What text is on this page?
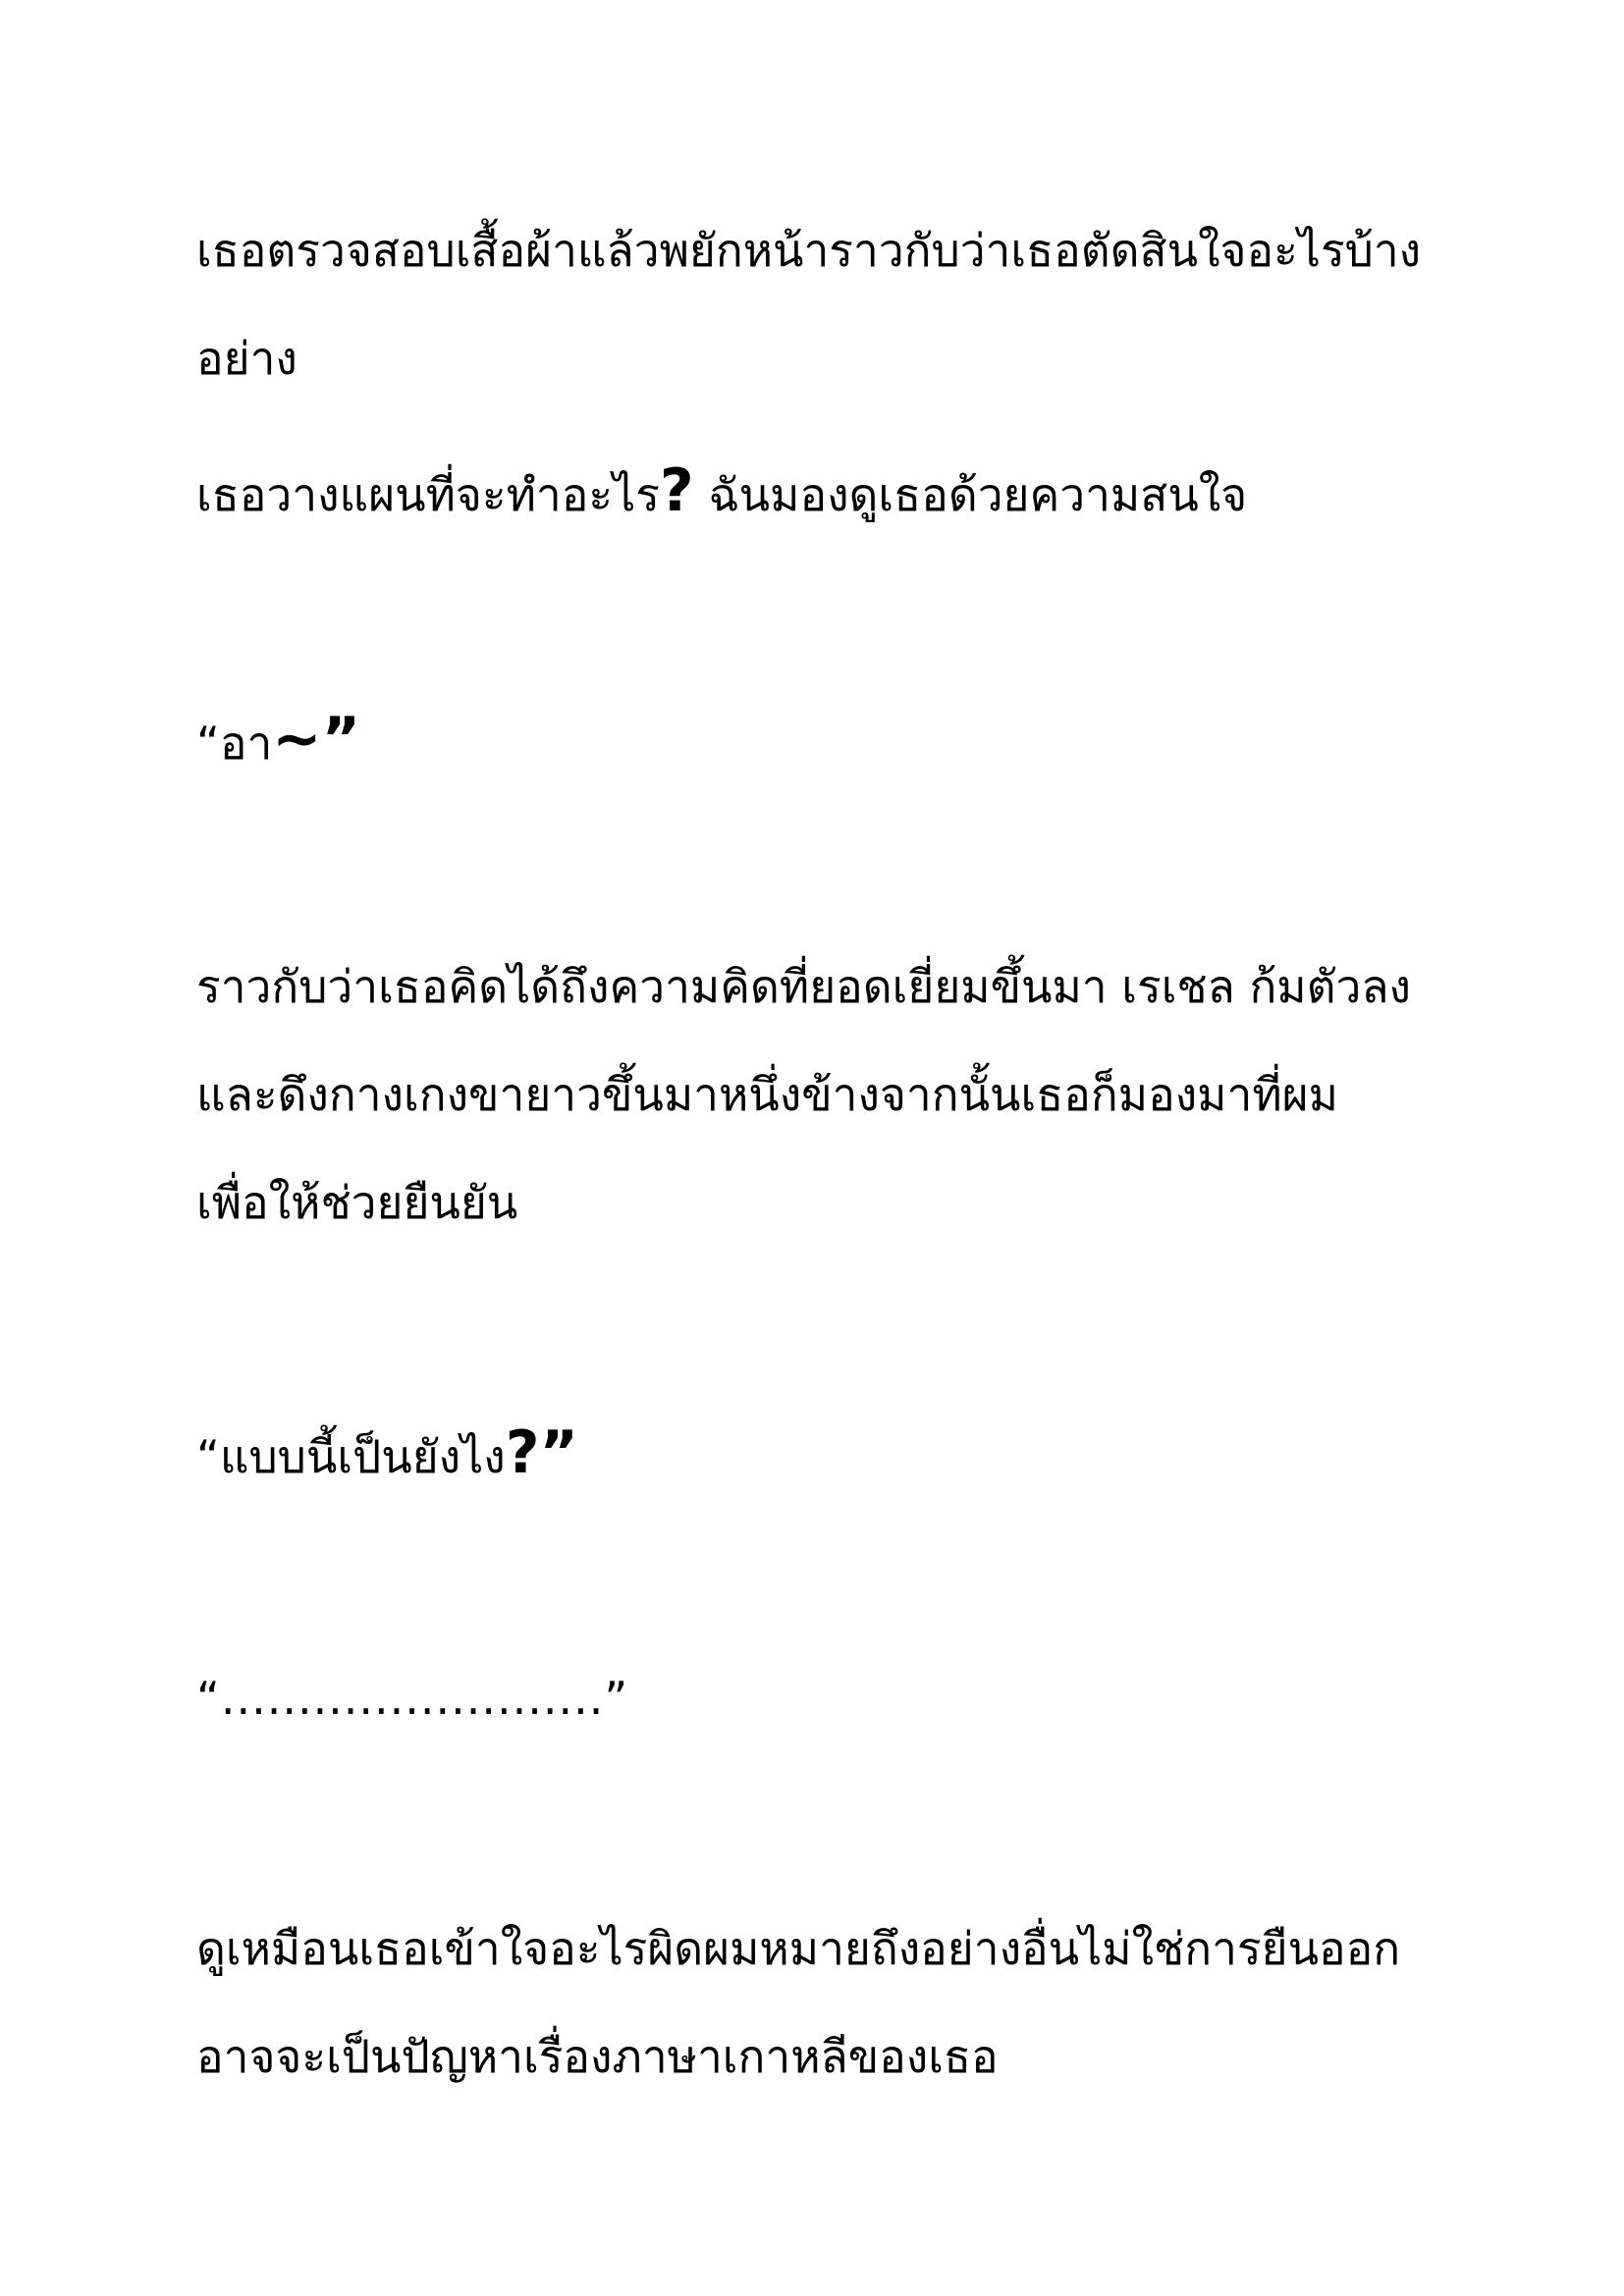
เธอตรวจสอบเสื้อผ้าแล้วพยักหน้าราวกับว่าเธอตัดสินใจอะไรบ้าง

อย่าง

เธอวางแผนที่จะทำอะไร? ฉันมองดูเธอด้วยความสนใจ

“อา~”

ราวกับว่าเธอคิดได้ถึงความคิดที่ยอดเยี่ยมขึ้นมา เรเชล ก้มตัวลง

และดึงกางเกงขายาวขึ้นมาหนึ่งข้างจากนั้นเธอก็มองมาที่ผม

เพื่อให้ช่วยยืนยัน

“แบบนี้เป็นยังไง?”

“.........................”

ดูเหมือนเธอเข้าใจอะไรผิดผมหมายถึงอย่างอื่นไม่ใช่การยืนออก

อาจจะเป็นปัญหาเรื่องภาษาเกาหลีของเธอ
